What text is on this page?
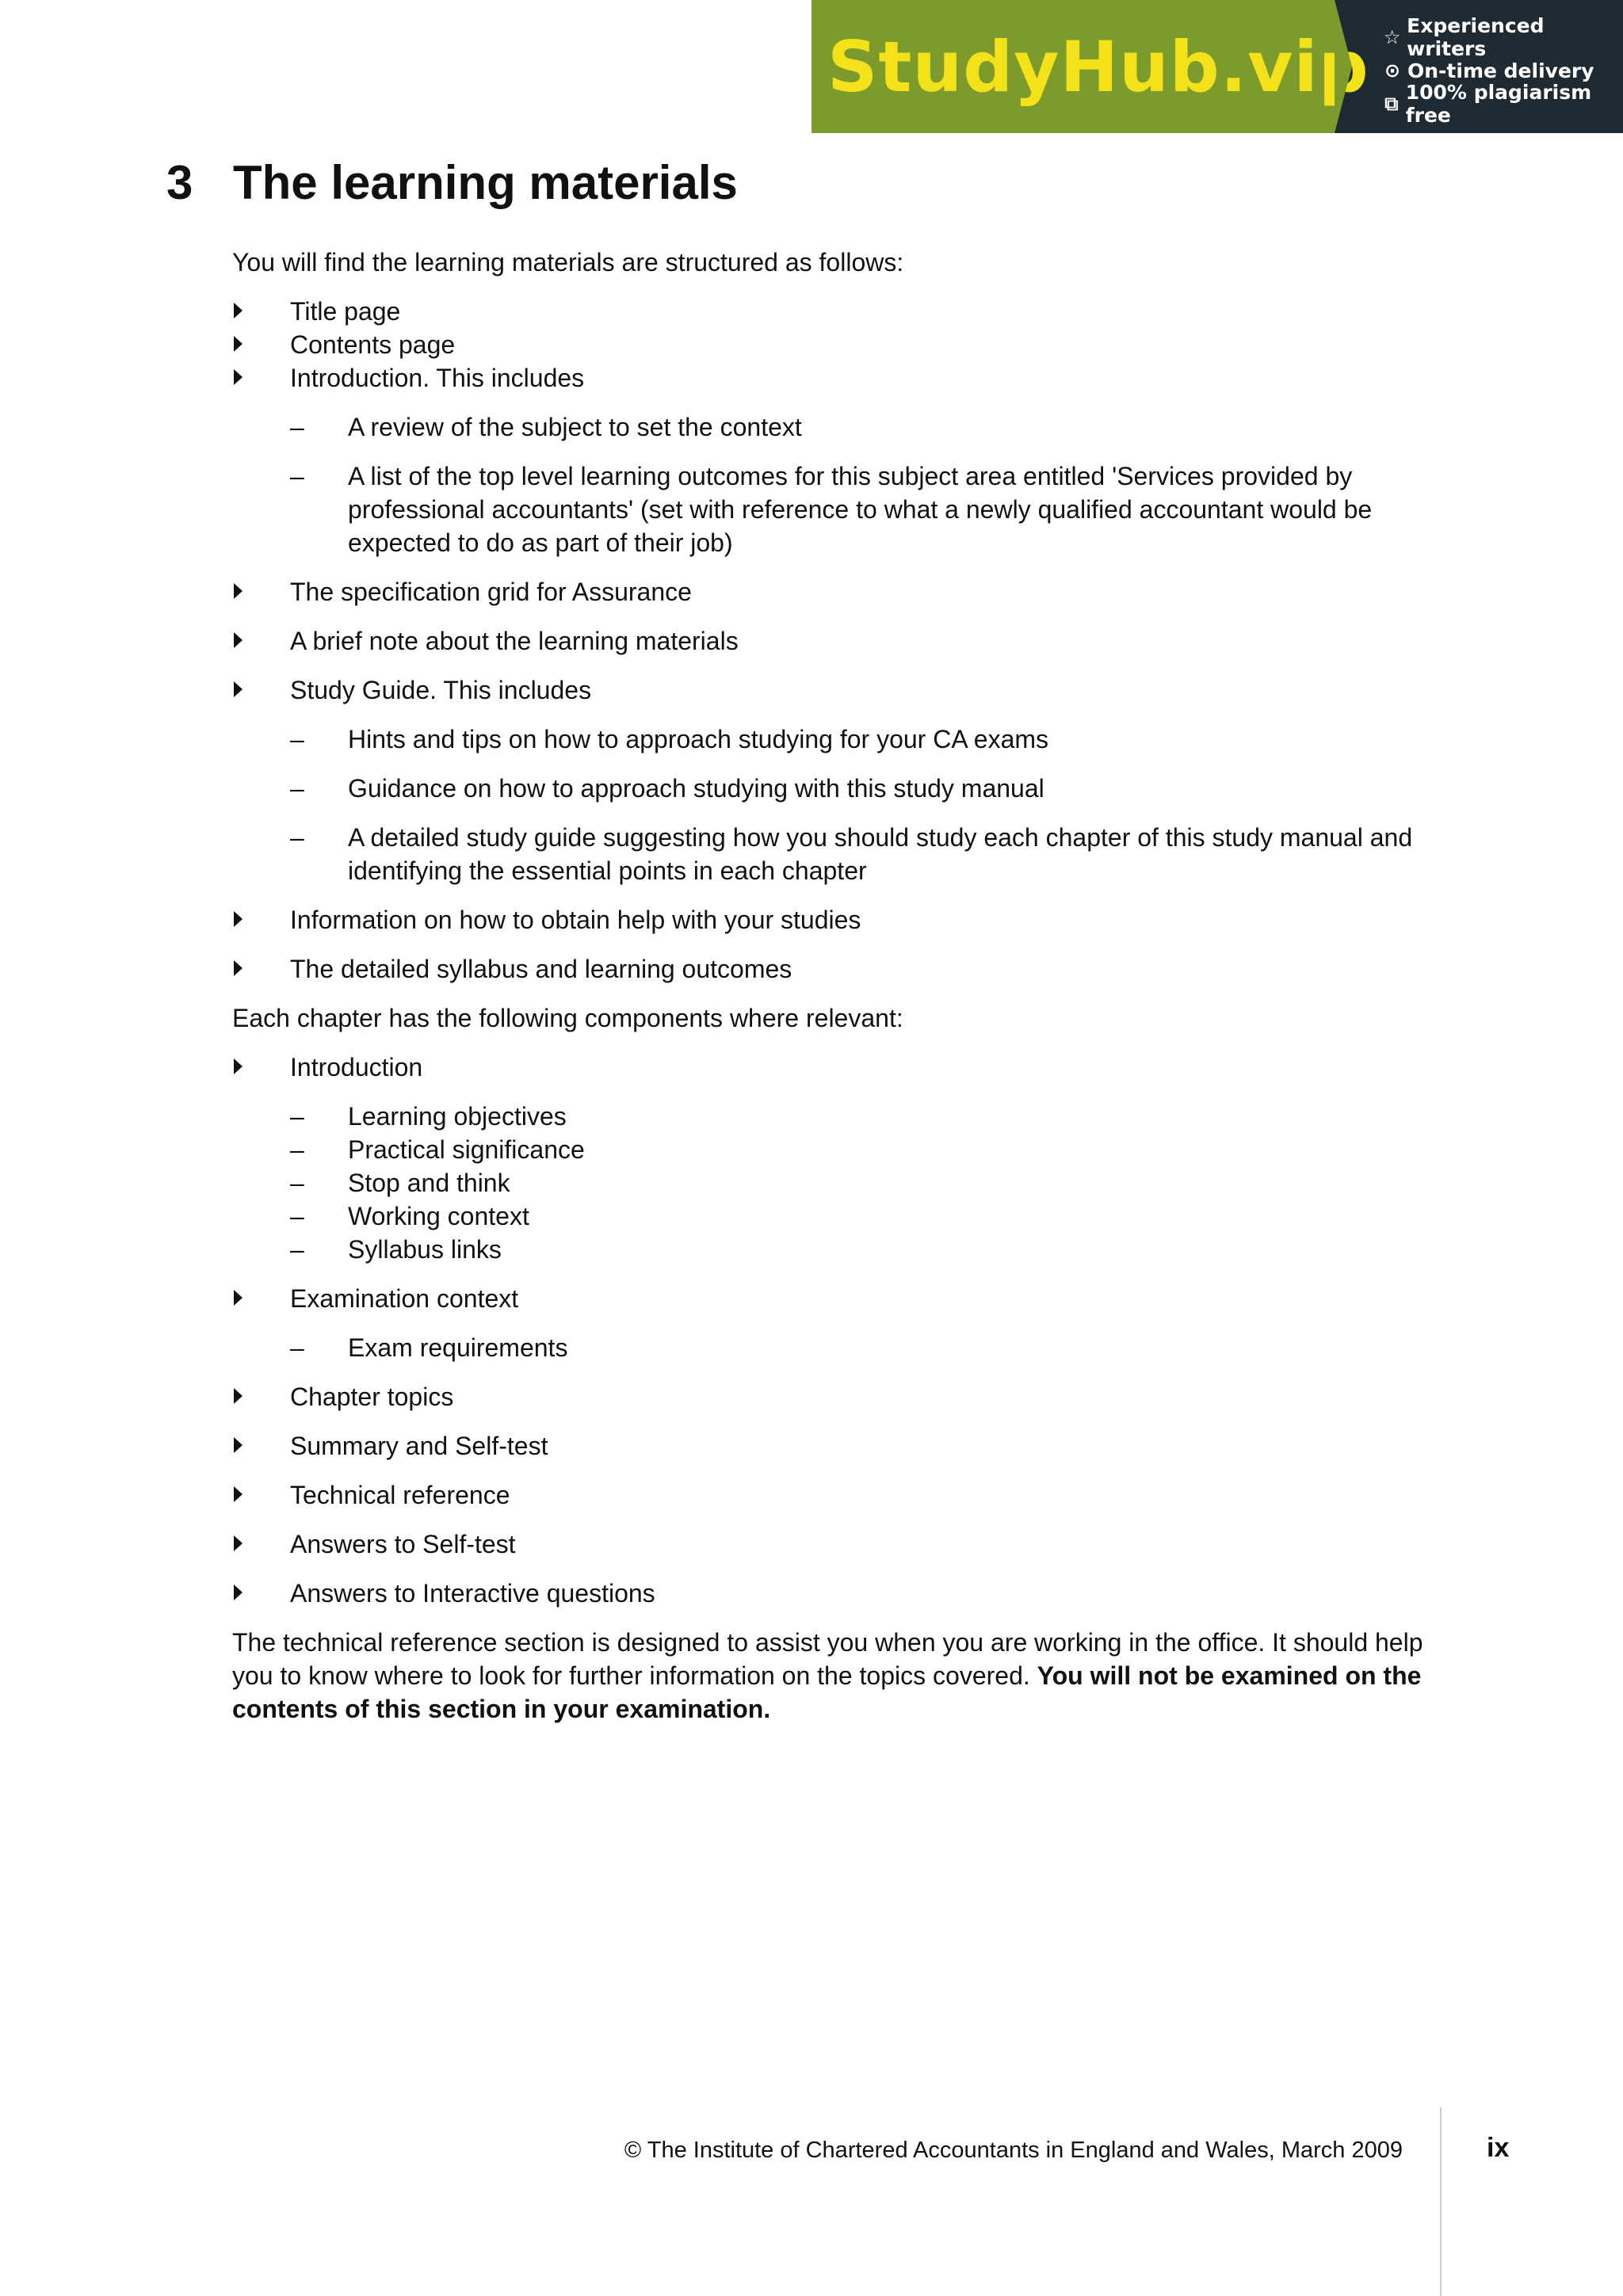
StudyHub.vip ☆ Experienced writers
⊙ On-time delivery
⧉ 100% plagiarism free
3 The learning materials

You will find the learning materials are structured as follows:

Title page
Contents page
Introduction. This includes
– A review of the subject to set the context
– A list of the top level learning outcomes for this subject area entitled 'Services provided by professional accountants' (set with reference to what a newly qualified accountant would be expected to do as part of their job)
The specification grid for Assurance
A brief note about the learning materials
Study Guide. This includes
– Hints and tips on how to approach studying for your CA exams
– Guidance on how to approach studying with this study manual
– A detailed study guide suggesting how you should study each chapter of this study manual and identifying the essential points in each chapter
Information on how to obtain help with your studies
The detailed syllabus and learning outcomes

Each chapter has the following components where relevant:

Introduction
– Learning objectives
– Practical significance
– Stop and think
– Working context
– Syllabus links
Examination context
– Exam requirements
Chapter topics
Summary and Self-test
Technical reference
Answers to Self-test
Answers to Interactive questions

The technical reference section is designed to assist you when you are working in the office. It should help you to know where to look for further information on the topics covered. You will not be examined on the contents of this section in your examination.

© The Institute of Chartered Accountants in England and Wales, March 2009	ix
